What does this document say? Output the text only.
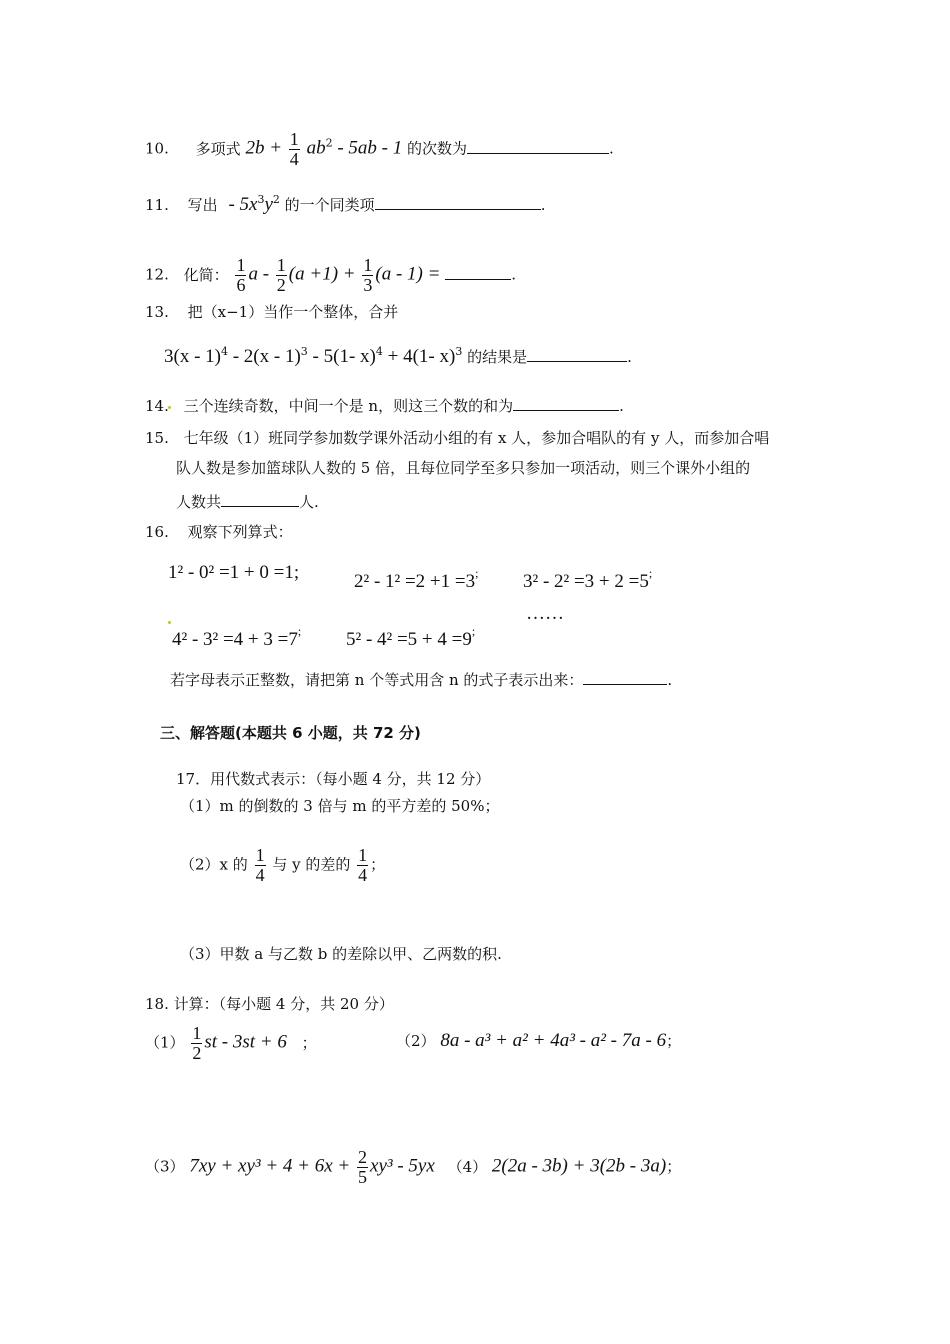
10. 多项式 $2b + \frac{1}{4} ab^2 - 5ab - 1$ 的次数为	.
11. 写出 - $5x^3y^2$ 的一个同类项	.
12. 化简： $\frac{1}{6}$ $a - \frac{1}{2} (a +1) + \frac{1}{3} (a - 1)$ =	.
13. 把（x−1）当作一个整体，合并
3(x - 1)$^4$ - 2(x - 1)$^3$ - 5(1- x)$^4$ + 4(1- x)$^3$ 的结果是	.
14. 三个连续奇数，中间一个是 n，则这三个数的和为	.
15. 七年级（1）班同学参加数学课外活动小组的有 x 人，参加合唱队的有 y 人，而参加合唱
队人数是参加篮球队人数的 5 倍，且每位同学至多只参加一项活动，则三个课外小组的
人数共	人.
16. 观察下列算式：
1² - 0² =1 + 0 =1;	2² - 1² =2 +1 =3; 3² - 2² =3 + 2 =5;
4² - 3² =4 + 3 =7; 5² - 4² =5 + 4 =9;
……
若字母表示正整数，请把第 n 个等式用含 n 的式子表示出来：	.
三、解答题(本题共 6 小题，共 72 分)
17．用代数式表示：（每小题 4 分，共 12 分）
（1）m 的倒数的 3 倍与 m 的平方差的 50%；
（2）x 的 $\frac{1}{4}$ 与 y 的差的 $\frac{1}{4}$ ；
（3）甲数 a 与乙数 b 的差除以甲、乙两数的积.
18. 计算：（每小题 4 分，共 20 分）
$(1) \frac{1}{2}$ st - 3st + 6 ；	（2） 8a - a³ + a² + 4a³ - a² - 7a - 6；
（3） $7xy + xy^3 + 4 + 6x + \frac{2}{5} xy^3 - 5yx$ （4） 2(2a - 3b) + 3(2b - 3a)；
